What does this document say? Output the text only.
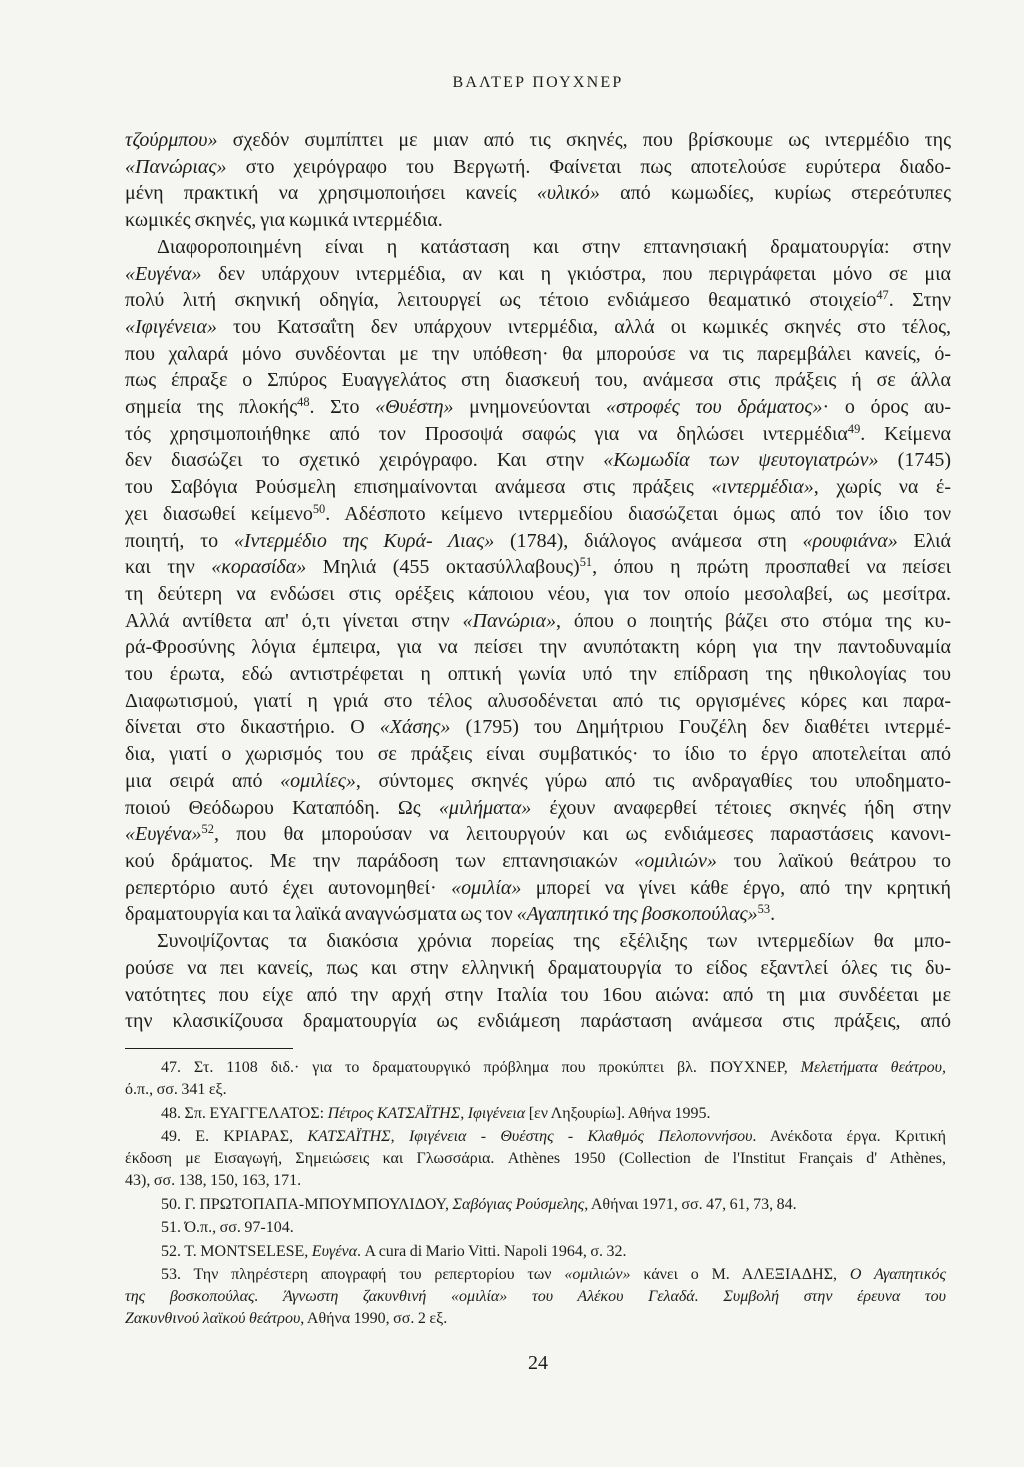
ΒΑΛΤΕΡ ΠΟΥΧΝΕΡ
τζούρμπου» σχεδόν συμπίπτει με μιαν από τις σκηνές, που βρίσκουμε ως ιντερμέδιο της
«Πανώριας» στο χειρόγραφο του Βεργωτή. Φαίνεται πως αποτελούσε ευρύτερα διαδο-
μένη πρακτική να χρησιμοποιήσει κανείς «υλικό» από κωμωδίες, κυρίως στερεότυπες
κωμικές σκηνές, για κωμικά ιντερμέδια.
Διαφοροποιημένη είναι η κατάσταση και στην επτανησιακή δραματουργία: στην
«Ευγένα» δεν υπάρχουν ιντερμέδια, αν και η γκιόστρα, που περιγράφεται μόνο σε μια
πολύ λιτή σκηνική οδηγία, λειτουργεί ως τέτοιο ενδιάμεσο θεαματικό στοιχείο$^{47}$. Στην
«Ιφιγένεια» του Κατσαΐτη δεν υπάρχουν ιντερμέδια, αλλά οι κωμικές σκηνές στο τέλος,
που χαλαρά μόνο συνδέονται με την υπόθεση· θα μπορούσε να τις παρεμβάλει κανείς, ό-
πως έπραξε ο Σπύρος Ευαγγελάτος στη διασκευή του, ανάμεσα στις πράξεις ή σε άλλα
σημεία της πλοκής$^{48}$. Στο «Θυέστη» μνημονεύονται «στροφές του δράματος»· ο όρος αυ-
τός χρησιμοποιήθηκε από τον Προσοψά σαφώς για να δηλώσει ιντερμέδια$^{49}$. Κείμενα
δεν διασώζει το σχετικό χειρόγραφο. Και στην «Κωμωδία των ψευτογιατρών» (1745)
του Σαβόγια Ρούσμελη επισημαίνονται ανάμεσα στις πράξεις «ιντερμέδια», χωρίς να έ-
χει διασωθεί κείμενο$^{50}$. Αδέσποτο κείμενο ιντερμεδίου διασώζεται όμως από τον ίδιο τον
ποιητή, το «Ιντερμέδιο της Κυρά- Λιας» (1784), διάλογος ανάμεσα στη «ρουφιάνα» Ελιά
και την «κορασίδα» Μηλιά (455 οκτασύλλαβους)$^{51}$, όπου η πρώτη προσπαθεί να πείσει
τη δεύτερη να ενδώσει στις ορέξεις κάποιου νέου, για τον οποίο μεσολαβεί, ως μεσίτρα.
Αλλά αντίθετα απ' ό,τι γίνεται στην «Πανώρια», όπου ο ποιητής βάζει στο στόμα της κυ-
ρά-Φροσύνης λόγια έμπειρα, για να πείσει την ανυπότακτη κόρη για την παντοδυναμία
του έρωτα, εδώ αντιστρέφεται η οπτική γωνία υπό την επίδραση της ηθικολογίας του
Διαφωτισμού, γιατί η γριά στο τέλος αλυσοδένεται από τις οργισμένες κόρες και παρα-
δίνεται στο δικαστήριο. Ο «Χάσης» (1795) του Δημήτριου Γουζέλη δεν διαθέτει ιντερμέ-
δια, γιατί ο χωρισμός του σε πράξεις είναι συμβατικός· το ίδιο το έργο αποτελείται από
μια σειρά από «ομιλίες», σύντομες σκηνές γύρω από τις ανδραγαθίες του υποδηματο-
ποιού Θεόδωρου Καταπόδη. Ως «μιλήματα» έχουν αναφερθεί τέτοιες σκηνές ήδη στην
«Ευγένα»$^{52}$, που θα μπορούσαν να λειτουργούν και ως ενδιάμεσες παραστάσεις κανονι-
κού δράματος. Με την παράδοση των επτανησιακών «ομιλιών» του λαϊκού θεάτρου το
ρεπερτόριο αυτό έχει αυτονομηθεί· «ομιλία» μπορεί να γίνει κάθε έργο, από την κρητική
δραματουργία και τα λαϊκά αναγνώσματα ως τον «Αγαπητικό της βοσκοπούλας»$^{53}$.
Συνοψίζοντας τα διακόσια χρόνια πορείας της εξέλιξης των ιντερμεδίων θα μπο-
ρούσε να πει κανείς, πως και στην ελληνική δραματουργία το είδος εξαντλεί όλες τις δυ-
νατότητες που είχε από την αρχή στην Ιταλία του 16ου αιώνα: από τη μια συνδέεται με
την κλασικίζουσα δραματουργία ως ενδιάμεση παράσταση ανάμεσα στις πράξεις, από
47. Στ. 1108 διδ.· για το δραματουργικό πρόβλημα που προκύπτει βλ. ΠΟΥΧΝΕΡ, Μελετήματα θεάτρου,
ό.π., σσ. 341 εξ.
48. Σπ. ΕΥΑΓΓΕΛΑΤΟΣ: Πέτρος ΚΑΤΣΑΪΤΗΣ, Ιφιγένεια [εν Ληξουρίω]. Αθήνα 1995.
49. Ε. ΚΡΙΑΡΑΣ, ΚΑΤΣΑΪΤΗΣ, Ιφιγένεια - Θυέστης - Κλαθμός Πελοποννήσου. Ανέκδοτα έργα. Κριτική
έκδοση με Εισαγωγή, Σημειώσεις και Γλωσσάρια. Athènes 1950 (Collection de l'Institut Français d' Athènes,
43), σσ. 138, 150, 163, 171.
50. Γ. ΠΡΩΤΟΠΑΠΑ-ΜΠΟΥΜΠΟΥΛΙΔΟΥ, Σαβόγιας Ρούσμελης, Αθήναι 1971, σσ. 47, 61, 73, 84.
51. Ό.π., σσ. 97-104.
52. Τ. MONTSELESE, Ευγένα. A cura di Mario Vitti. Napoli 1964, σ. 32.
53. Την πληρέστερη απογραφή του ρεπερτορίου των «ομιλιών» κάνει ο Μ. ΑΛΕΞΙΑΔΗΣ, Ο Αγαπητικός
της βοσκοπούλας. Άγνωστη ζακυνθινή «ομιλία» του Αλέκου Γελαδά. Συμβολή στην έρευνα του
Ζακυνθινού λαϊκού θεάτρου, Αθήνα 1990, σσ. 2 εξ.
24
